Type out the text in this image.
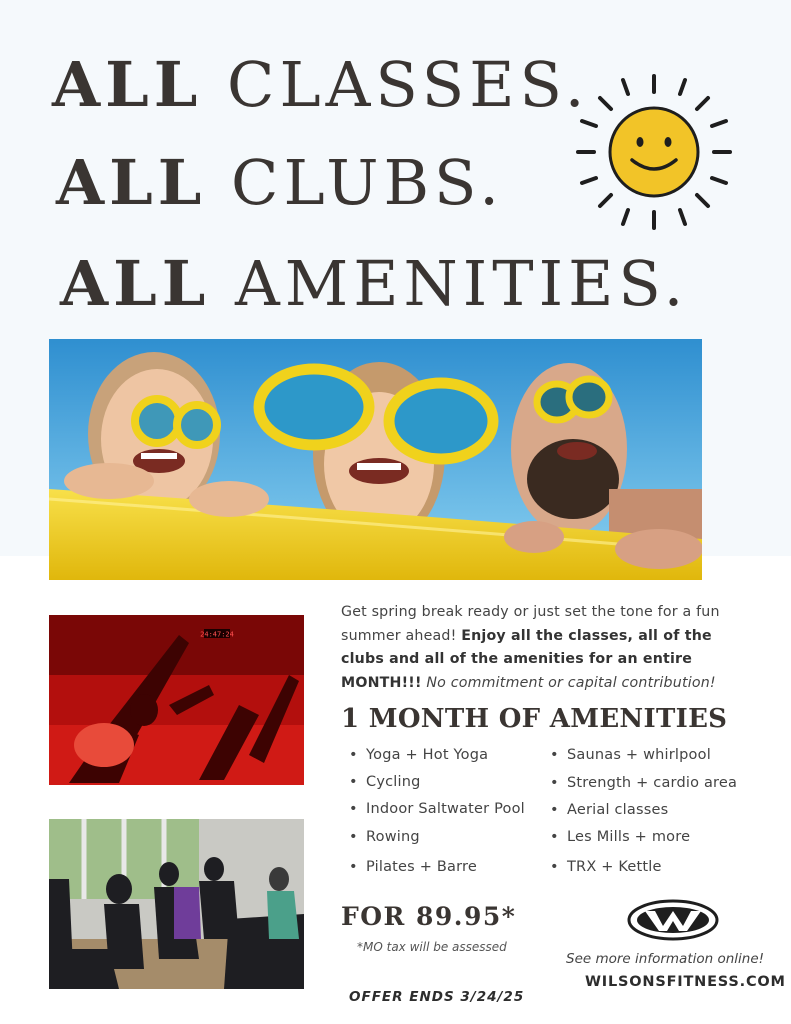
ALL CLASSES.
ALL CLUBS.
ALL AMENITIES.
24:47:24
Get spring break ready or just set the tone for a fun summer ahead! Enjoy all the classes, all of the clubs and all of the amenities for an entire MONTH!!! No commitment or capital contribution!
1 MONTH OF AMENITIES
• Yoga + Hot Yoga
• Cycling
• Indoor Saltwater Pool
• Rowing
• Pilates + Barre
• Saunas + whirlpool
• Strength + cardio area
• Aerial classes
• Les Mills + more
• TRX + Kettle
FOR 89.95*
*MO tax will be assessed
OFFER ENDS 3/24/25
See more information online!
WILSONSFITNESS.COM
